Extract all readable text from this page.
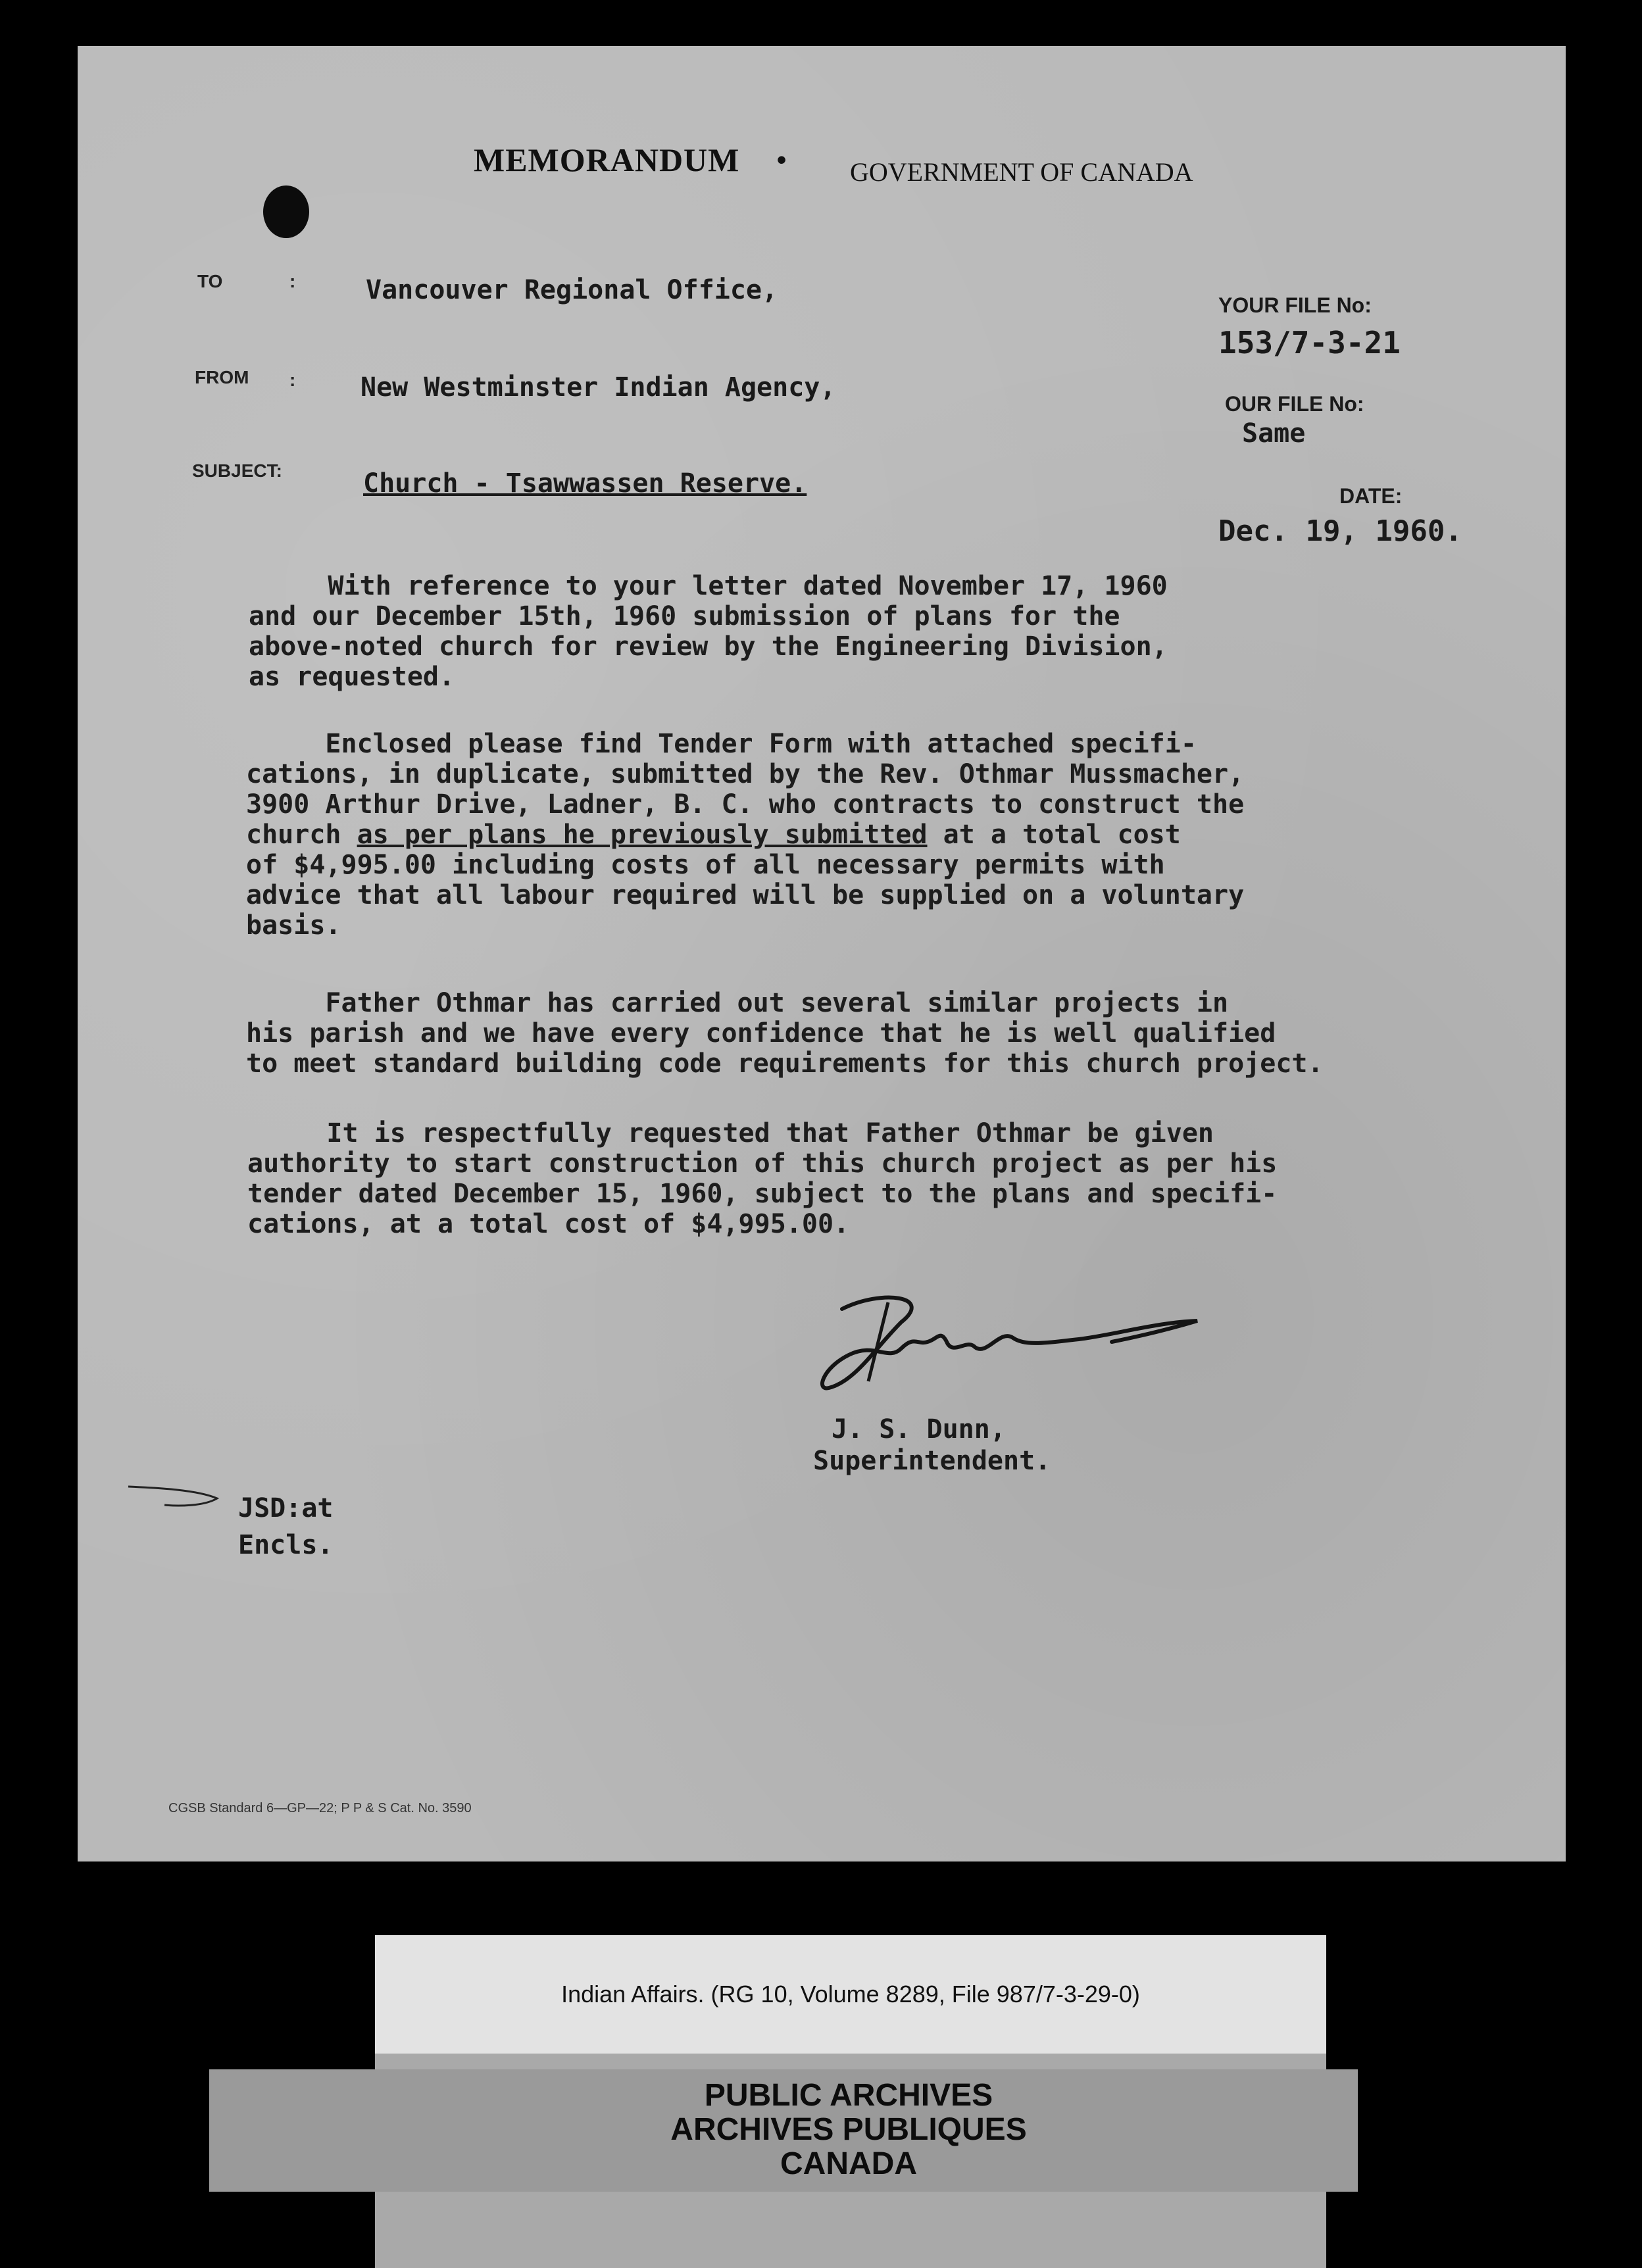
MEMORANDUM • GOVERNMENT OF CANADA
TO	:	Vancouver Regional Office,
FROM : New Westminster Indian Agency,
SUBJECT:	Church - Tsawwassen Reserve.
YOUR FILE No:
153/7-3-21
OUR FILE No:
Same
DATE:
Dec. 19, 1960.
With reference to your letter dated November 17, 1960
and our December 15th, 1960 submission of plans for the
above-noted church for review by the Engineering Division,
as requested.
Enclosed please find Tender Form with attached specifi-
cations, in duplicate, submitted by the Rev. Othmar Mussmacher,
3900 Arthur Drive, Ladner, B. C. who contracts to construct the
church as per plans he previously submitted at a total cost
of $4,995.00 including costs of all necessary permits with
advice that all labour required will be supplied on a voluntary
basis.
Father Othmar has carried out several similar projects in
his parish and we have every confidence that he is well qualified
to meet standard building code requirements for this church project.
It is respectfully requested that Father Othmar be given
authority to start construction of this church project as per his
tender dated December 15, 1960, subject to the plans and specifi-
cations, at a total cost of $4,995.00.
J. S. Dunn,
Superintendent.
JSD:at
Encls.
CGSB Standard 6—GP—22; P P & S Cat. No. 3590
Indian Affairs. (RG 10, Volume 8289, File 987/7-3-29-0)
PUBLIC ARCHIVES
ARCHIVES PUBLIQUES
CANADA
